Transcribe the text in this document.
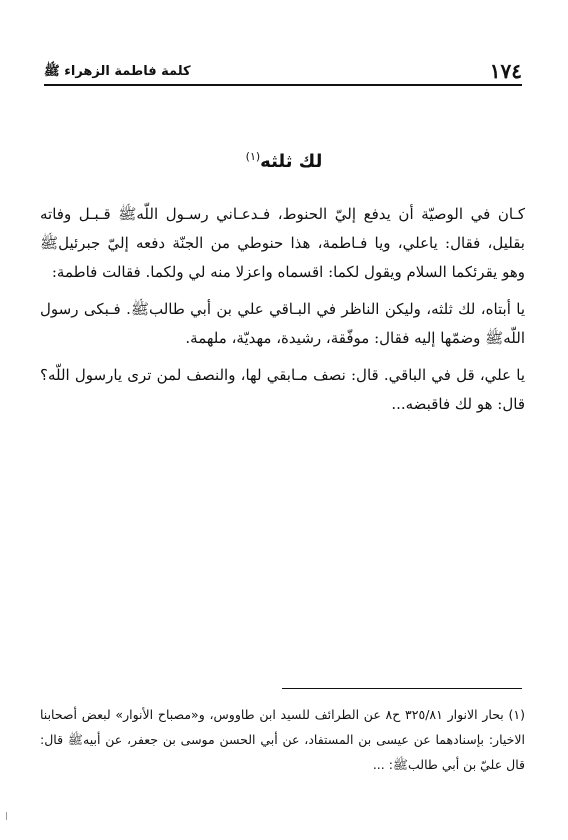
١٧٤
كلمة فاطمة الزهراء ﷺ
لك ثلثه$^{(١)}$

كـان في الوصيّة أن يدفع إليّ الحنوط، فـدعـاني رسـول اللّهﷺ قـبـل وفاته بقليل، فقال: ياعلي، ويا فـاطمة، هذا حنوطي من الجنّة دفعه إليّ جبرئيلﷺ وهو يقرئكما السلام ويقول لكما: اقسماه واعزلا منه لي ولكما. فقالت فاطمة:

يا أبتاه، لك ثلثه، وليكن الناظر في البـاقي علي بن أبي طالبﷺ. فـبكى رسول اللّهﷺ وضمّها إليه فقال: موفّقة، رشيدة، مهديّة، ملهمة.

يا علي، قل في الباقي. قال: نصف مـابقي لها، والنصف لمن ترى يارسول اللّه؟قال: هو لك فاقبضه...

(١) بحار الانوار ٣٢٥/٨١ ح٨ عن الطرائف للسيد ابن طاووس، و«مصباح الأنوار» لبعض أصحابنا الاخيار: بإسنادهما عن عيسى بن المستفاد، عن أبي الحسن موسى بن جعفر، عن أبيهﷺ قال: قال عليّ بن أبي طالبﷺ: ...
